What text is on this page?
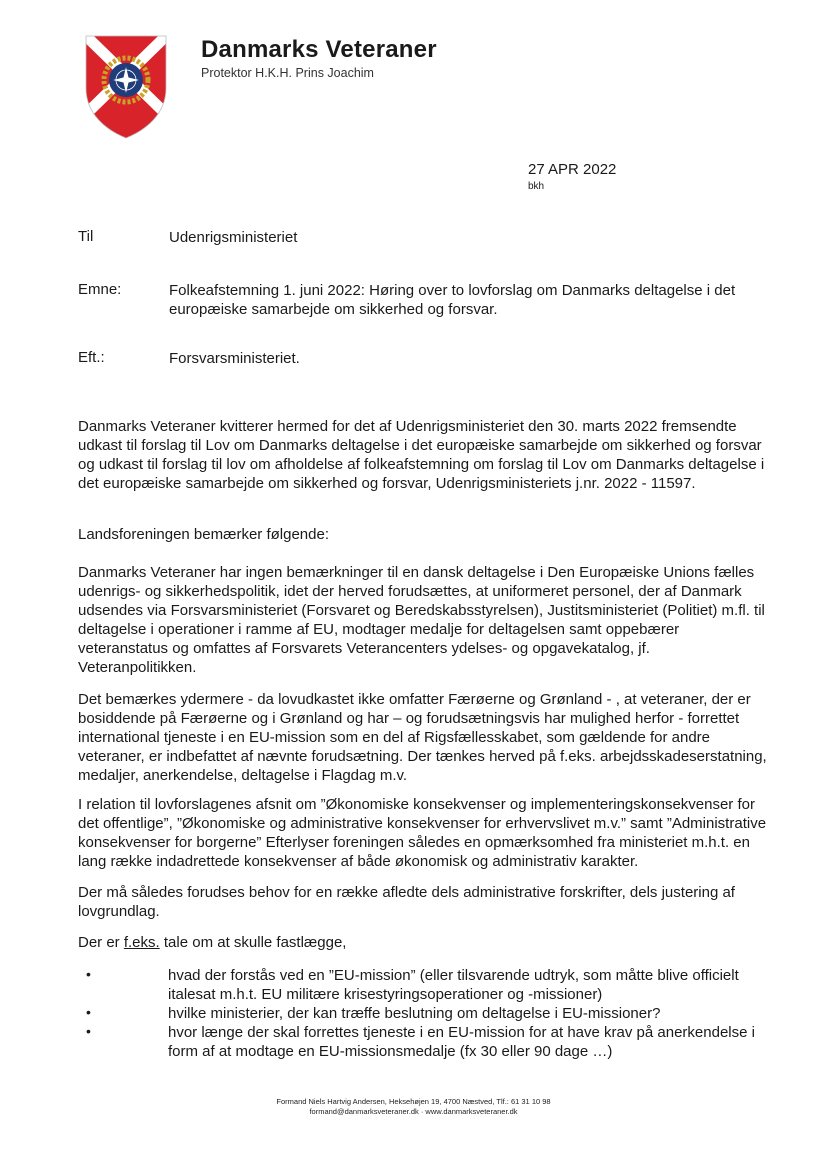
Danmarks Veteraner
Protektor H.K.H. Prins Joachim
27 APR 2022
bkh
Til	Udenrigsministeriet
Emne:	Folkeafstemning 1. juni 2022: Høring over to lovforslag om Danmarks deltagelse i det europæiske samarbejde om sikkerhed og forsvar.
Eft.:	Forsvarsministeriet.

Danmarks Veteraner kvitterer hermed for det af Udenrigsministeriet den 30. marts 2022 fremsendte udkast til forslag til Lov om Danmarks deltagelse i det europæiske samarbejde om sikkerhed og forsvar og udkast til forslag til lov om afholdelse af folkeafstemning om forslag til Lov om Danmarks deltagelse i det europæiske samarbejde om sikkerhed og forsvar, Udenrigsministeriets j.nr. 2022 - 11597.

Landsforeningen bemærker følgende:

Danmarks Veteraner har ingen bemærkninger til en dansk deltagelse i Den Europæiske Unions fælles udenrigs- og sikkerhedspolitik, idet der herved forudsættes, at uniformeret personel, der af Danmark udsendes via Forsvarsministeriet (Forsvaret og Beredskabsstyrelsen), Justitsministeriet (Politiet) m.fl. til deltagelse i operationer i ramme af EU, modtager medalje for deltagelsen samt oppebærer veteranstatus og omfattes af Forsvarets Veterancenters ydelses- og opgavekatalog, jf. Veteranpolitikken.

Det bemærkes ydermere - da lovudkastet ikke omfatter Færøerne og Grønland - , at veteraner, der er bosiddende på Færøerne og i Grønland og har – og forudsætningsvis har mulighed herfor - forrettet international tjeneste i en EU-mission som en del af Rigsfællesskabet, som gældende for andre veteraner, er indbefattet af nævnte forudsætning. Der tænkes herved på f.eks. arbejdsskadeserstatning, medaljer, anerkendelse, deltagelse i Flagdag m.v.

I relation til lovforslagenes afsnit om ”Økonomiske konsekvenser og implementeringskonsekvenser for det offentlige”, ”Økonomiske og administrative konsekvenser for erhvervslivet m.v.” samt ”Administrative konsekvenser for borgerne” Efterlyser foreningen således en opmærksomhed fra ministeriet m.h.t. en lang række indadrettede konsekvenser af både økonomisk og administrativ karakter.

Der må således forudses behov for en række afledte dels administrative forskrifter, dels justering af lovgrundlag.

Der er f.eks. tale om at skulle fastlægge,

•	hvad der forstås ved en ”EU-mission” (eller tilsvarende udtryk, som måtte blive officielt italesat m.h.t. EU militære krisestyringsoperationer og -missioner)
•	hvilke ministerier, der kan træffe beslutning om deltagelse i EU-missioner?
•	hvor længe der skal forrettes tjeneste i en EU-mission for at have krav på anerkendelse i form af at modtage en EU-missionsmedalje (fx 30 eller 90 dage …)
Formand Niels Hartvig Andersen, Heksehøjen 19, 4700 Næstved, Tlf.: 61 31 10 98
formand@danmarksveteraner.dk · www.danmarksveteraner.dk
